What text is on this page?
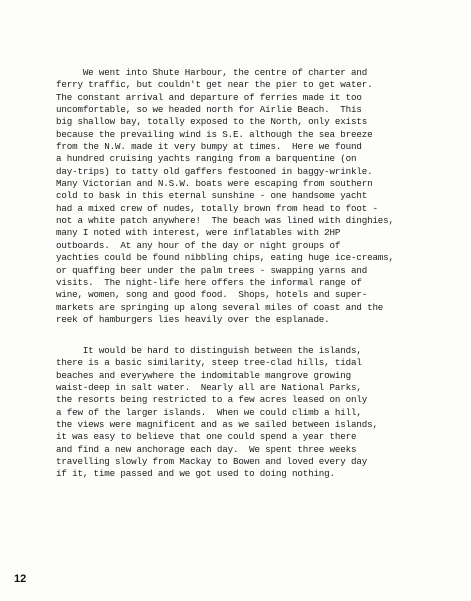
We went into Shute Harbour, the centre of charter and
ferry traffic, but couldn't get near the pier to get water.
The constant arrival and departure of ferries made it too
uncomfortable, so we headed north for Airlie Beach.  This
big shallow bay, totally exposed to the North, only exists
because the prevailing wind is S.E. although the sea breeze
from the N.W. made it very bumpy at times.  Here we found
a hundred cruising yachts ranging from a barquentine (on
day-trips) to tatty old gaffers festooned in baggy-wrinkle.
Many Victorian and N.S.W. boats were escaping from southern
cold to bask in this eternal sunshine - one handsome yacht
had a mixed crew of nudes, totally brown from head to foot -
not a white patch anywhere!  The beach was lined with dinghies,
many I noted with interest, were inflatables with 2HP
outboards.  At any hour of the day or night groups of
yachties could be found nibbling chips, eating huge ice-creams,
or quaffing beer under the palm trees - swapping yarns and
visits.  The night-life here offers the informal range of
wine, women, song and good food.  Shops, hotels and super-
markets are springing up along several miles of coast and the
reek of hamburgers lies heavily over the esplanade.
It would be hard to distinguish between the islands,
there is a basic similarity, steep tree-clad hills, tidal
beaches and everywhere the indomitable mangrove growing
waist-deep in salt water.  Nearly all are National Parks,
the resorts being restricted to a few acres leased on only
a few of the larger islands.  When we could climb a hill,
the views were magnificent and as we sailed between islands,
it was easy to believe that one could spend a year there
and find a new anchorage each day.  We spent three weeks
travelling slowly from Mackay to Bowen and loved every day
if it, time passed and we got used to doing nothing.
12
